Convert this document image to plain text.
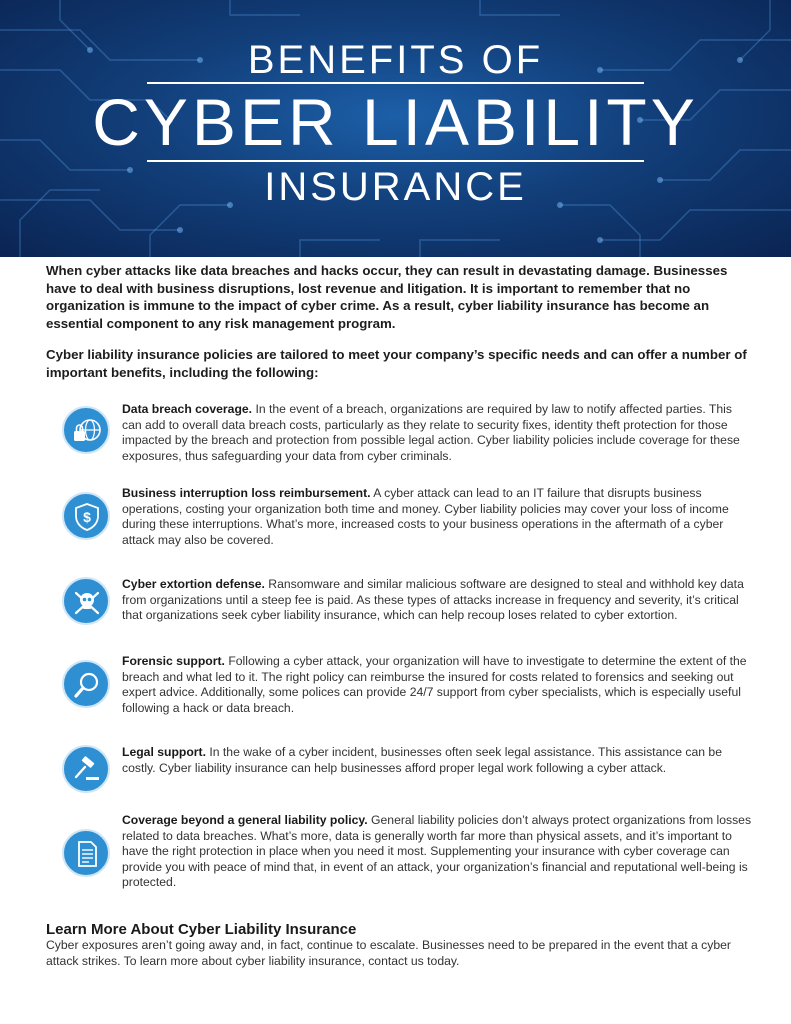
BENEFITS OF
CYBER LIABILITY
INSURANCE
When cyber attacks like data breaches and hacks occur, they can result in devastating damage. Businesses have to deal with business disruptions, lost revenue and litigation. It is important to remember that no organization is immune to the impact of cyber crime. As a result, cyber liability insurance has become an essential component to any risk management program.
Cyber liability insurance policies are tailored to meet your company’s specific needs and can offer a number of important benefits, including the following:
Data breach coverage. In the event of a breach, organizations are required by law to notify affected parties. This can add to overall data breach costs, particularly as they relate to security fixes, identity theft protection for those impacted by the breach and protection from possible legal action. Cyber liability policies include coverage for these exposures, thus safeguarding your data from cyber criminals.
$
Business interruption loss reimbursement. A cyber attack can lead to an IT failure that disrupts business operations, costing your organization both time and money. Cyber liability policies may cover your loss of income during these interruptions. What’s more, increased costs to your business operations in the aftermath of a cyber attack may also be covered.
Cyber extortion defense. Ransomware and similar malicious software are designed to steal and withhold key data from organizations until a steep fee is paid. As these types of attacks increase in frequency and severity, it’s critical that organizations seek cyber liability insurance, which can help recoup loses related to cyber extortion.
Forensic support. Following a cyber attack, your organization will have to investigate to determine the extent of the breach and what led to it. The right policy can reimburse the insured for costs related to forensics and seeking out expert advice. Additionally, some polices can provide 24/7 support from cyber specialists, which is especially useful following a hack or data breach.
Legal support. In the wake of a cyber incident, businesses often seek legal assistance. This assistance can be costly. Cyber liability insurance can help businesses afford proper legal work following a cyber attack.
Coverage beyond a general liability policy. General liability policies don’t always protect organizations from losses related to data breaches. What’s more, data is generally worth far more than physical assets, and it’s important to have the right protection in place when you need it most. Supplementing your insurance with cyber coverage can provide you with peace of mind that, in event of an attack, your organization’s financial and reputational well-being is protected.
Learn More About Cyber Liability Insurance
Cyber exposures aren’t going away and, in fact, continue to escalate. Businesses need to be prepared in the event that a cyber attack strikes. To learn more about cyber liability insurance, contact us today.
